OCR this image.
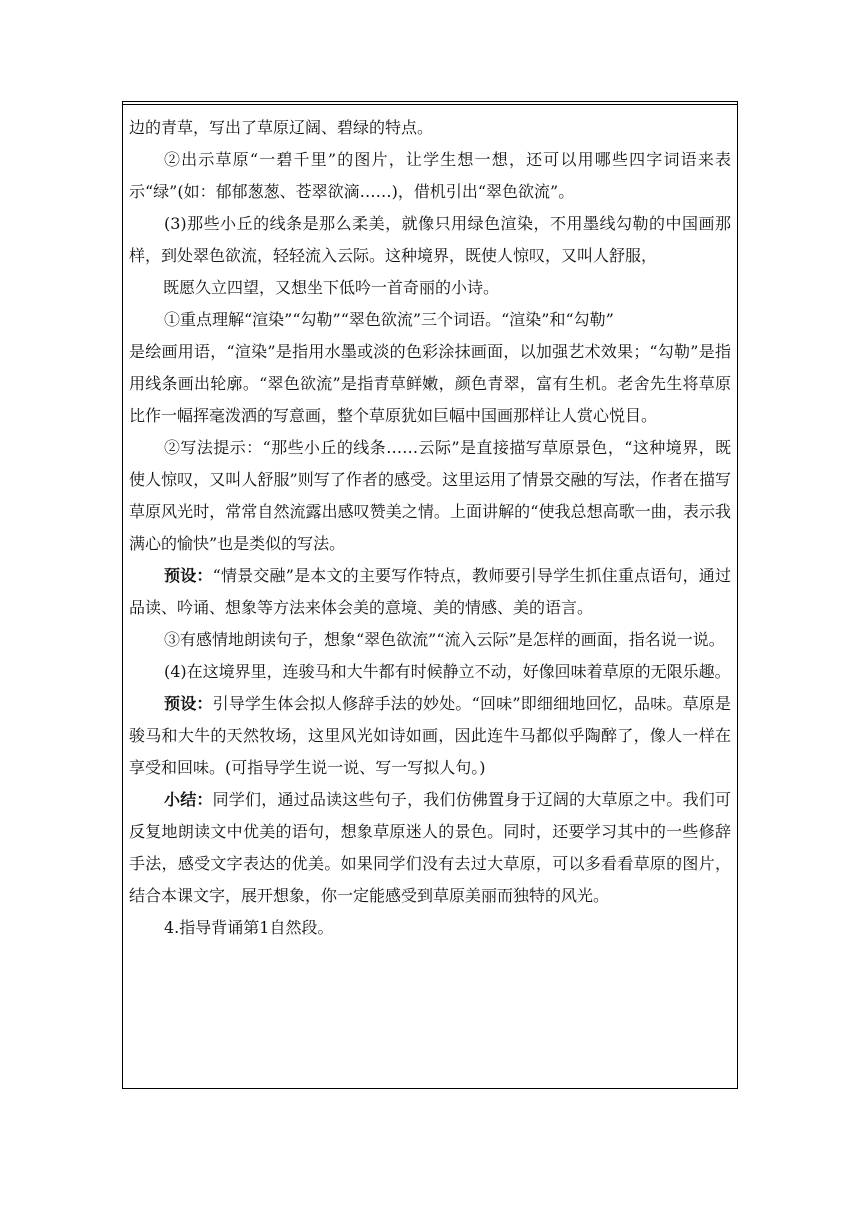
边的青草，写出了草原辽阔、碧绿的特点。

②出示草原“一碧千里”的图片，让学生想一想，还可以用哪些四字词语来表示“绿”(如：郁郁葱葱、苍翠欲滴……)，借机引出“翠色欲流”。

(3)那些小丘的线条是那么柔美，就像只用绿色渲染，不用墨线勾勒的中国画那样，到处翠色欲流，轻轻流入云际。这种境界，既使人惊叹，又叫人舒服，

既愿久立四望，又想坐下低吟一首奇丽的小诗。

①重点理解“渲染”“勾勒”“翠色欲流”三个词语。“渲染”和“勾勒”

是绘画用语，“渲染”是指用水墨或淡的色彩涂抹画面，以加强艺术效果；“勾勒”是指用线条画出轮廓。“翠色欲流”是指青草鲜嫩，颜色青翠，富有生机。老舍先生将草原比作一幅挥毫泼洒的写意画，整个草原犹如巨幅中国画那样让人赏心悦目。

②写法提示：“那些小丘的线条……云际”是直接描写草原景色，“这种境界，既使人惊叹，又叫人舒服”则写了作者的感受。这里运用了情景交融的写法，作者在描写草原风光时，常常自然流露出感叹赞美之情。上面讲解的“使我总想高歌一曲，表示我满心的愉快”也是类似的写法。

预设：“情景交融”是本文的主要写作特点，教师要引导学生抓住重点语句，通过品读、吟诵、想象等方法来体会美的意境、美的情感、美的语言。

③有感情地朗读句子，想象“翠色欲流”“流入云际”是怎样的画面，指名说一说。

(4)在这境界里，连骏马和大牛都有时候静立不动，好像回味着草原的无限乐趣。

预设：引导学生体会拟人修辞手法的妙处。“回味”即细细地回忆，品味。草原是骏马和大牛的天然牧场，这里风光如诗如画，因此连牛马都似乎陶醉了，像人一样在享受和回味。(可指导学生说一说、写一写拟人句。)

小结：同学们，通过品读这些句子，我们仿佛置身于辽阔的大草原之中。我们可反复地朗读文中优美的语句，想象草原迷人的景色。同时，还要学习其中的一些修辞手法，感受文字表达的优美。如果同学们没有去过大草原，可以多看看草原的图片，结合本课文字，展开想象，你一定能感受到草原美丽而独特的风光。

4.指导背诵第1自然段。
